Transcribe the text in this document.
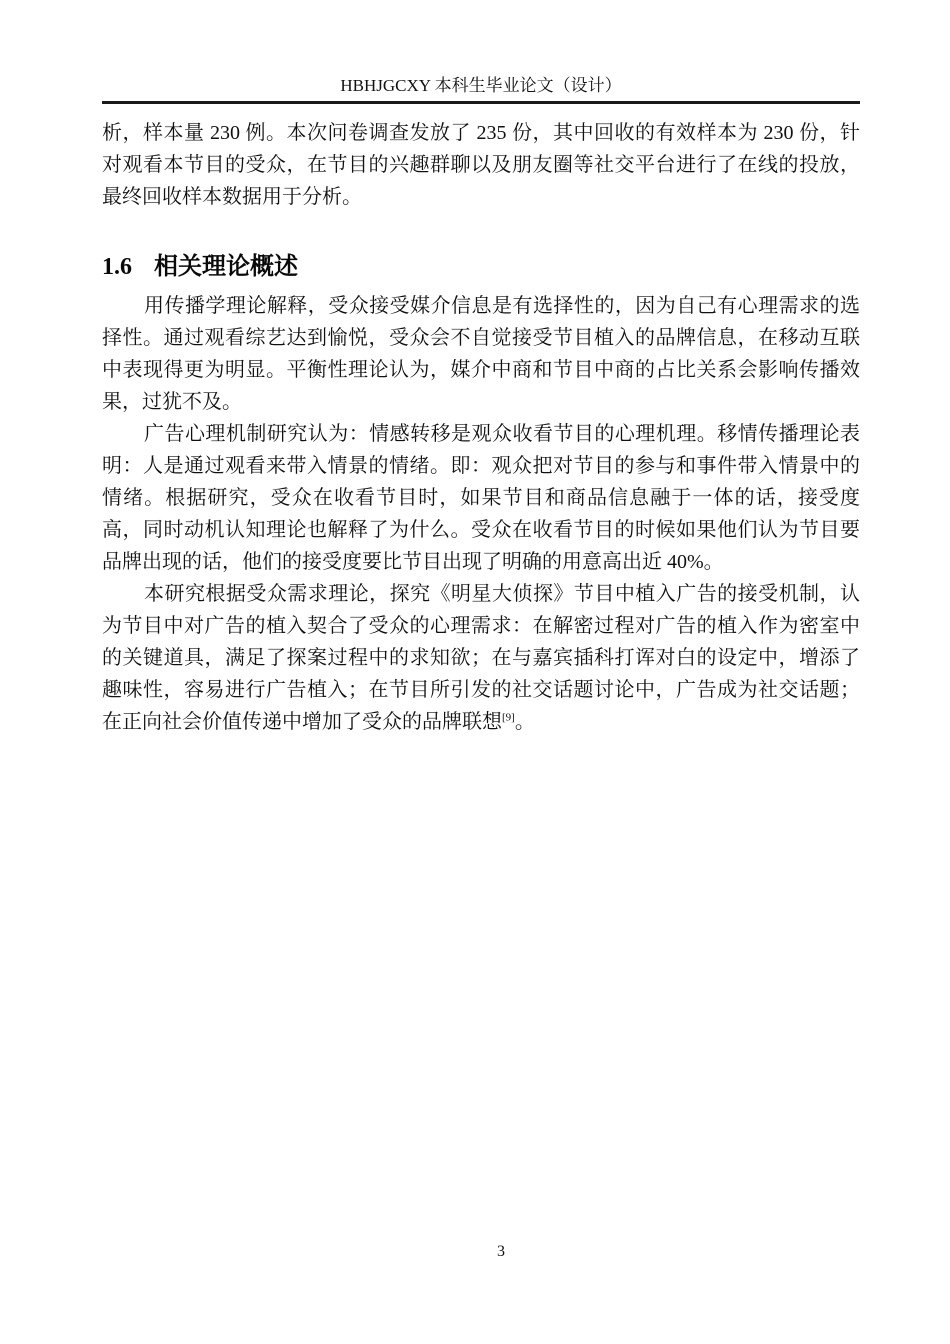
HBHJGCXY 本科生毕业论文（设计）

析，样本量 230 例。本次问卷调查发放了 235 份，其中回收的有效样本为 230 份，针对观看本节目的受众，在节目的兴趣群聊以及朋友圈等社交平台进行了在线的投放，最终回收样本数据用于分析。

1.6 相关理论概述

用传播学理论解释，受众接受媒介信息是有选择性的，因为自己有心理需求的选择性。通过观看综艺达到愉悦，受众会不自觉接受节目植入的品牌信息，在移动互联中表现得更为明显。平衡性理论认为，媒介中商和节目中商的占比关系会影响传播效果，过犹不及。

广告心理机制研究认为：情感转移是观众收看节目的心理机理。移情传播理论表明：人是通过观看来带入情景的情绪。即：观众把对节目的参与和事件带入情景中的情绪。根据研究，受众在收看节目时，如果节目和商品信息融于一体的话，接受度高，同时动机认知理论也解释了为什么。受众在收看节目的时候如果他们认为节目要品牌出现的话，他们的接受度要比节目出现了明确的用意高出近 40%。

本研究根据受众需求理论，探究《明星大侦探》节目中植入广告的接受机制，认为节目中对广告的植入契合了受众的心理需求：在解密过程对广告的植入作为密室中的关键道具，满足了探案过程中的求知欲；在与嘉宾插科打诨对白的设定中，增添了趣味性，容易进行广告植入；在节目所引发的社交话题讨论中，广告成为社交话题；在正向社会价值传递中增加了受众的品牌联想[9]。

3
